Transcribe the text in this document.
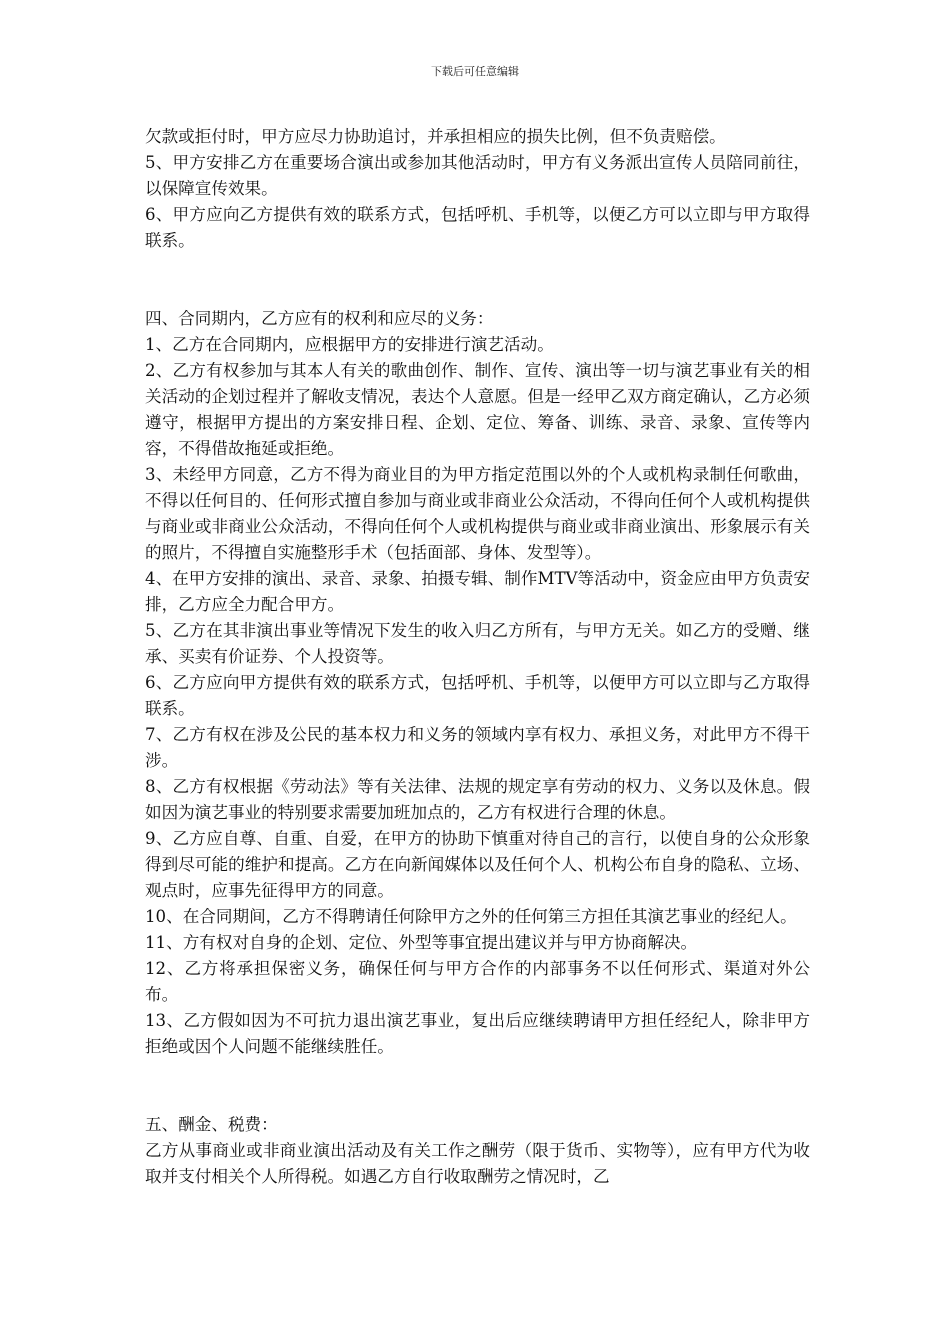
下载后可任意编辑

欠款或拒付时，甲方应尽力协助追讨，并承担相应的损失比例，但不负责赔偿。

5、甲方安排乙方在重要场合演出或参加其他活动时，甲方有义务派出宣传人员陪同前往，以保障宣传效果。

6、甲方应向乙方提供有效的联系方式，包括呼机、手机等，以便乙方可以立即与甲方取得联系。

四、合同期内，乙方应有的权利和应尽的义务：

1、乙方在合同期内，应根据甲方的安排进行演艺活动。

2、乙方有权参加与其本人有关的歌曲创作、制作、宣传、演出等一切与演艺事业有关的相关活动的企划过程并了解收支情况，表达个人意愿。但是一经甲乙双方商定确认，乙方必须遵守，根据甲方提出的方案安排日程、企划、定位、筹备、训练、录音、录象、宣传等内容，不得借故拖延或拒绝。

3、未经甲方同意，乙方不得为商业目的为甲方指定范围以外的个人或机构录制任何歌曲，不得以任何目的、任何形式擅自参加与商业或非商业公众活动，不得向任何个人或机构提供与商业或非商业公众活动，不得向任何个人或机构提供与商业或非商业演出、形象展示有关的照片，不得擅自实施整形手术（包括面部、身体、发型等）。

4、在甲方安排的演出、录音、录象、拍摄专辑、制作MTV等活动中，资金应由甲方负责安排，乙方应全力配合甲方。

5、乙方在其非演出事业等情况下发生的收入归乙方所有，与甲方无关。如乙方的受赠、继承、买卖有价证券、个人投资等。

6、乙方应向甲方提供有效的联系方式，包括呼机、手机等，以便甲方可以立即与乙方取得联系。

7、乙方有权在涉及公民的基本权力和义务的领域内享有权力、承担义务，对此甲方不得干涉。

8、乙方有权根据《劳动法》等有关法律、法规的规定享有劳动的权力、义务以及休息。假如因为演艺事业的特别要求需要加班加点的，乙方有权进行合理的休息。

9、乙方应自尊、自重、自爱，在甲方的协助下慎重对待自己的言行，以使自身的公众形象得到尽可能的维护和提高。乙方在向新闻媒体以及任何个人、机构公布自身的隐私、立场、观点时，应事先征得甲方的同意。

10、在合同期间，乙方不得聘请任何除甲方之外的任何第三方担任其演艺事业的经纪人。

11、方有权对自身的企划、定位、外型等事宜提出建议并与甲方协商解决。

12、乙方将承担保密义务，确保任何与甲方合作的内部事务不以任何形式、渠道对外公布。

13、乙方假如因为不可抗力退出演艺事业，复出后应继续聘请甲方担任经纪人，除非甲方拒绝或因个人问题不能继续胜任。

五、酬金、税费：

乙方从事商业或非商业演出活动及有关工作之酬劳（限于货币、实物等），应有甲方代为收取并支付相关个人所得税。如遇乙方自行收取酬劳之情况时，乙
